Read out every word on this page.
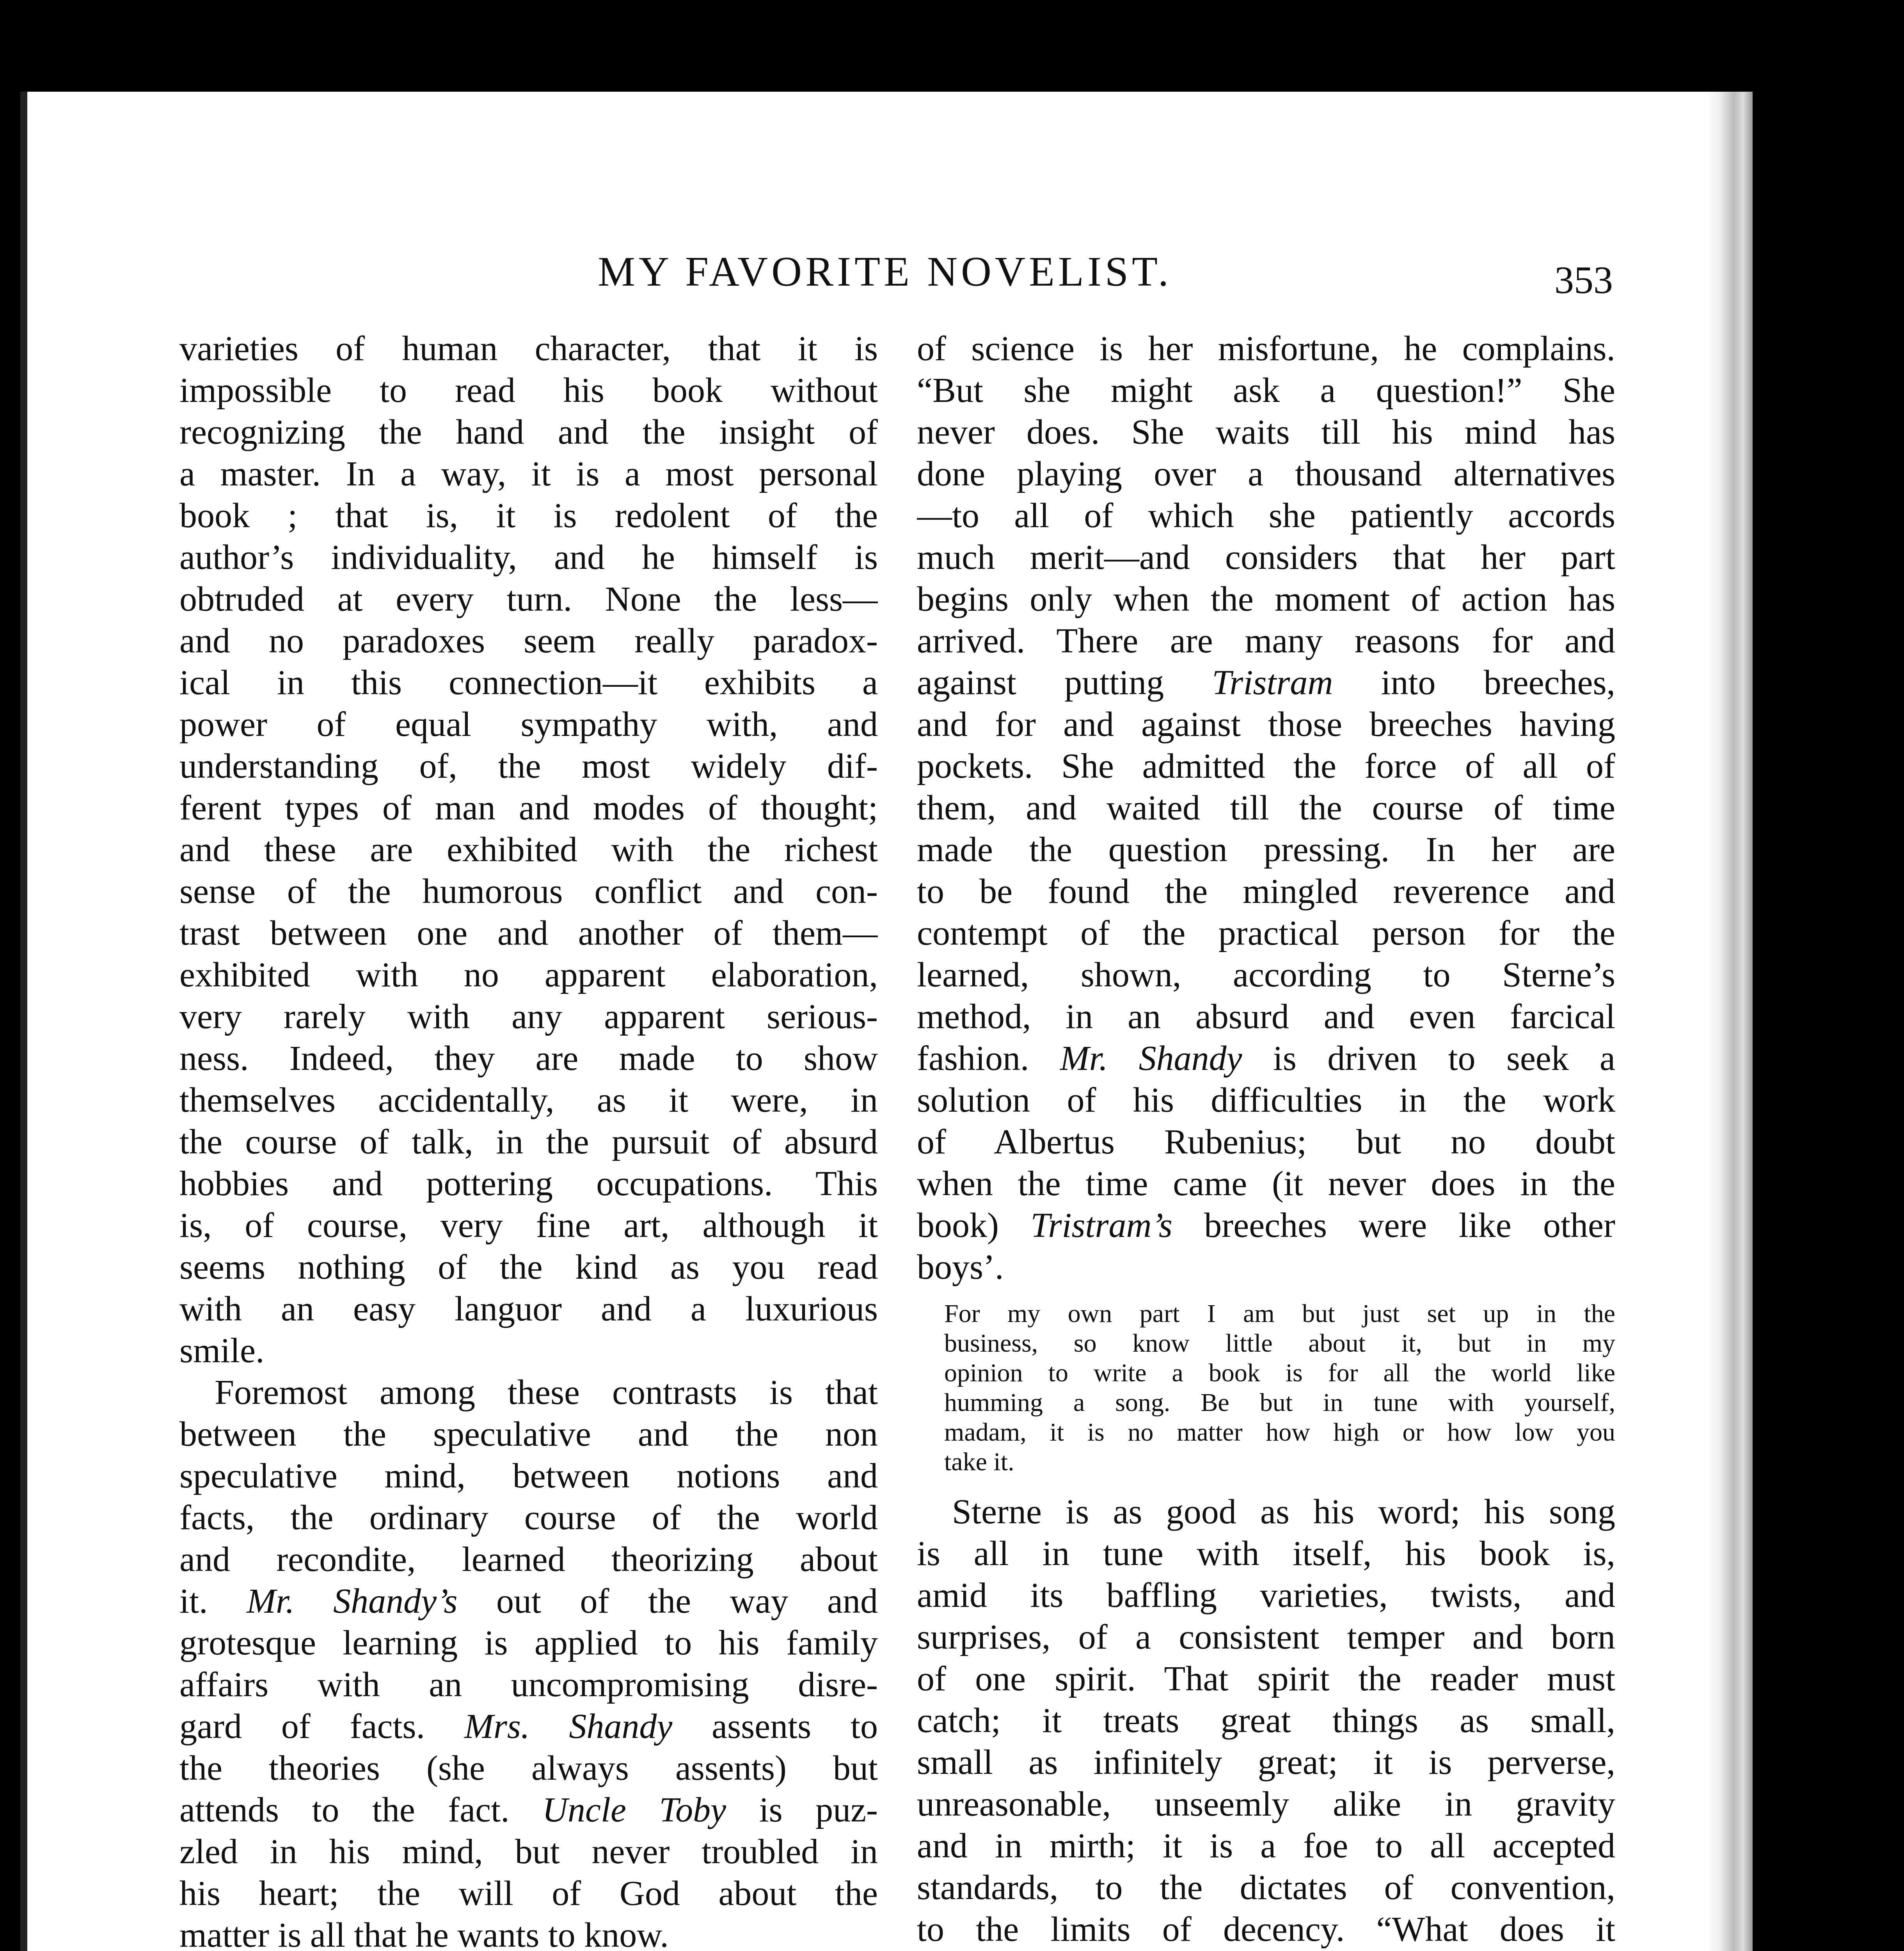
MY FAVORITE NOVELIST.	353
varieties of human character, that it is
impossible to read his book without
recognizing the hand and the insight of
a master. In a way, it is a most personal
book ; that is, it is redolent of the
author’s individuality, and he himself is
obtruded at every turn. None the less—
and no paradoxes seem really paradox-
ical in this connection—it exhibits a
power of equal sympathy with, and
understanding of, the most widely dif-
ferent types of man and modes of thought;
and these are exhibited with the richest
sense of the humorous conflict and con-
trast between one and another of them—
exhibited with no apparent elaboration,
very rarely with any apparent serious-
ness. Indeed, they are made to show
themselves accidentally, as it were, in
the course of talk, in the pursuit of absurd
hobbies and pottering occupations. This
is, of course, very fine art, although it
seems nothing of the kind as you read
with an easy languor and a luxurious
smile.
Foremost among these contrasts is that
between the speculative and the non
speculative mind, between notions and
facts, the ordinary course of the world
and recondite, learned theorizing about
it. Mr. Shandy’s out of the way and
grotesque learning is applied to his family
affairs with an uncompromising disre-
gard of facts. Mrs. Shandy assents to
the theories (she always assents) but
attends to the fact. Uncle Toby is puz-
zled in his mind, but never troubled in
his heart; the will of God about the
matter is all that he wants to know.
of science is her misfortune, he complains.
“But she might ask a question!” She
never does. She waits till his mind has
done playing over a thousand alternatives
—to all of which she patiently accords
much merit—and considers that her part
begins only when the moment of action has
arrived. There are many reasons for and
against putting Tristram into breeches,
and for and against those breeches having
pockets. She admitted the force of all of
them, and waited till the course of time
made the question pressing. In her are
to be found the mingled reverence and
contempt of the practical person for the
learned, shown, according to Sterne’s
method, in an absurd and even farcical
fashion. Mr. Shandy is driven to seek a
solution of his difficulties in the work
of Albertus Rubenius; but no doubt
when the time came (it never does in the
book) Tristram’s breeches were like other
boys’.
For my own part I am but just set up in the
business, so know little about it, but in my
opinion to write a book is for all the world like
humming a song. Be but in tune with yourself,
madam, it is no matter how high or how low you
take it.
Sterne is as good as his word; his song
is all in tune with itself, his book is,
amid its baffling varieties, twists, and
surprises, of a consistent temper and born
of one spirit. That spirit the reader must
catch; it treats great things as small,
small as infinitely great; it is perverse,
unreasonable, unseemly alike in gravity
and in mirth; it is a foe to all accepted
standards, to the dictates of convention,
to the limits of decency. “What does it
